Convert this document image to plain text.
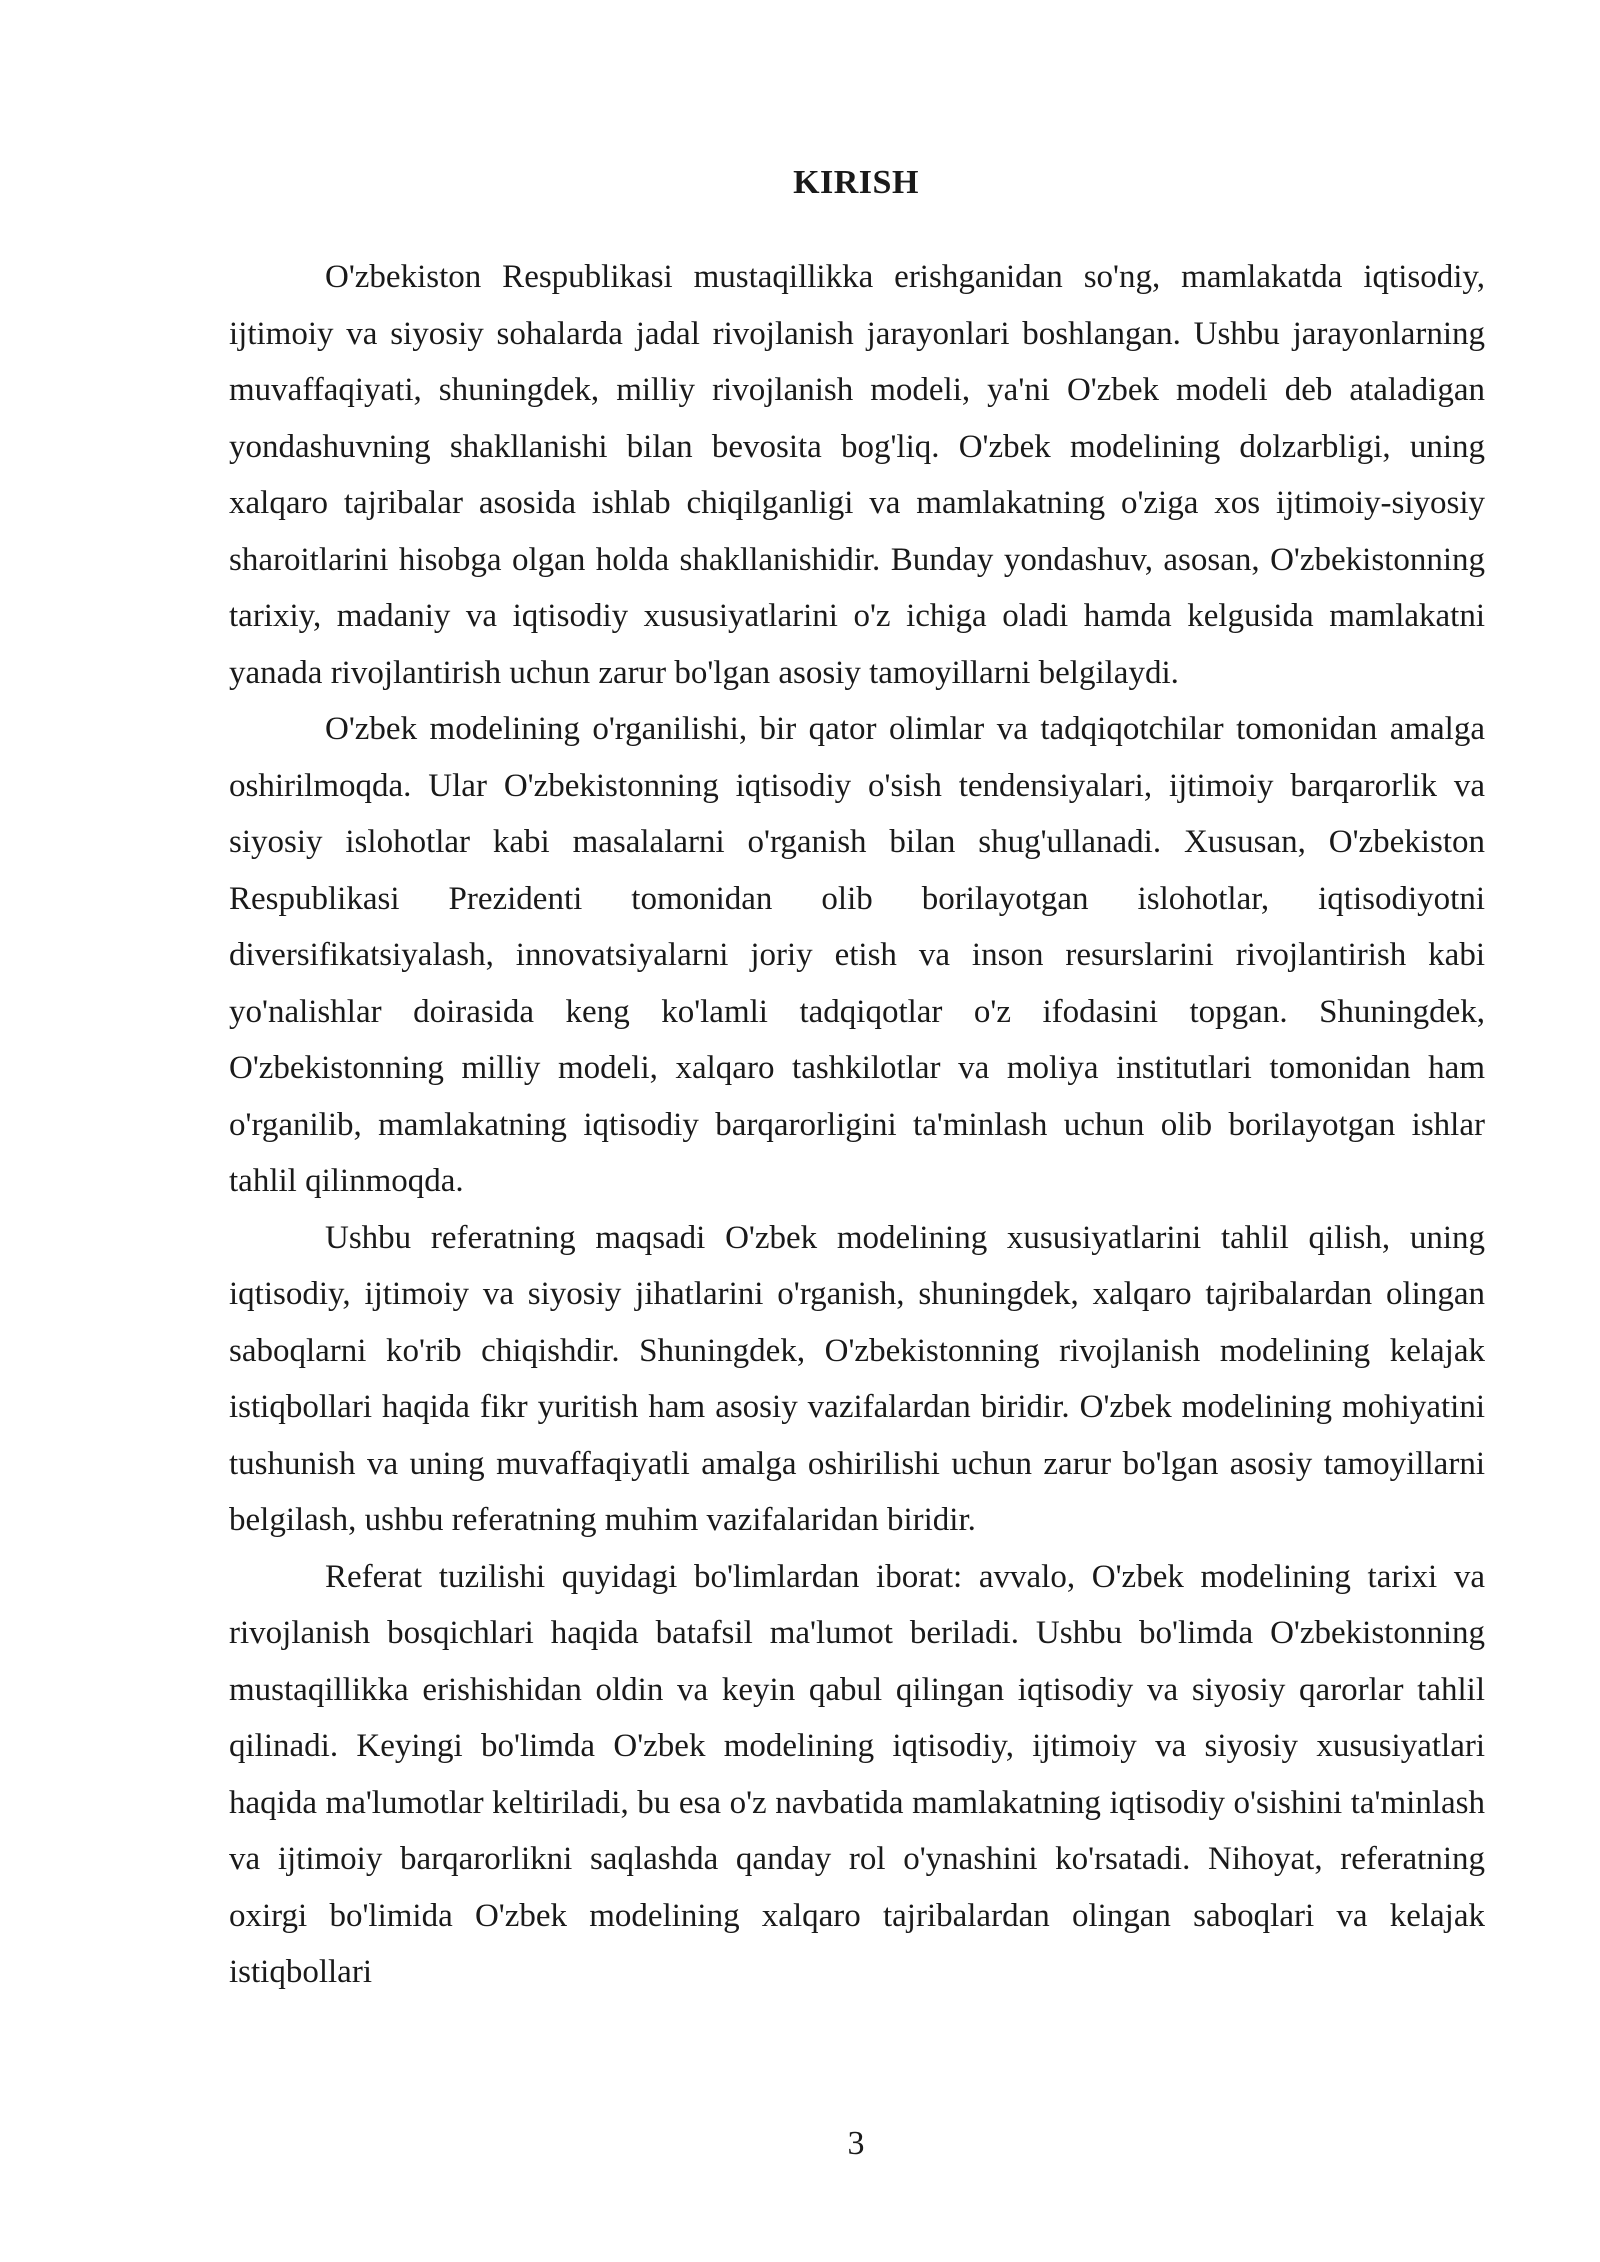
KIRISH

O'zbekiston Respublikasi mustaqillikka erishganidan so'ng, mamlakatda iqtisodiy, ijtimoiy va siyosiy sohalarda jadal rivojlanish jarayonlari boshlangan. Ushbu jarayonlarning muvaffaqiyati, shuningdek, milliy rivojlanish modeli, ya'ni O'zbek modeli deb ataladigan yondashuvning shakllanishi bilan bevosita bog'liq. O'zbek modelining dolzarbligi, uning xalqaro tajribalar asosida ishlab chiqilganligi va mamlakatning o'ziga xos ijtimoiy-siyosiy sharoitlarini hisobga olgan holda shakllanishidir. Bunday yondashuv, asosan, O'zbekistonning tarixiy, madaniy va iqtisodiy xususiyatlarini o'z ichiga oladi hamda kelgusida mamlakatni yanada rivojlantirish uchun zarur bo'lgan asosiy tamoyillarni belgilaydi.

O'zbek modelining o'rganilishi, bir qator olimlar va tadqiqotchilar tomonidan amalga oshirilmoqda. Ular O'zbekistonning iqtisodiy o'sish tendensiyalari, ijtimoiy barqarorlik va siyosiy islohotlar kabi masalalarni o'rganish bilan shug'ullanadi. Xususan, O'zbekiston Respublikasi Prezidenti tomonidan olib borilayotgan islohotlar, iqtisodiyotni diversifikatsiyalash, innovatsiyalarni joriy etish va inson resurslarini rivojlantirish kabi yo'nalishlar doirasida keng ko'lamli tadqiqotlar o'z ifodasini topgan. Shuningdek, O'zbekistonning milliy modeli, xalqaro tashkilotlar va moliya institutlari tomonidan ham o'rganilib, mamlakatning iqtisodiy barqarorligini ta'minlash uchun olib borilayotgan ishlar tahlil qilinmoqda.

Ushbu referatning maqsadi O'zbek modelining xususiyatlarini tahlil qilish, uning iqtisodiy, ijtimoiy va siyosiy jihatlarini o'rganish, shuningdek, xalqaro tajribalardan olingan saboqlarni ko'rib chiqishdir. Shuningdek, O'zbekistonning rivojlanish modelining kelajak istiqbollari haqida fikr yuritish ham asosiy vazifalardan biridir. O'zbek modelining mohiyatini tushunish va uning muvaffaqiyatli amalga oshirilishi uchun zarur bo'lgan asosiy tamoyillarni belgilash, ushbu referatning muhim vazifalaridan biridir.

Referat tuzilishi quyidagi bo'limlardan iborat: avvalo, O'zbek modelining tarixi va rivojlanish bosqichlari haqida batafsil ma'lumot beriladi. Ushbu bo'limda O'zbekistonning mustaqillikka erishishidan oldin va keyin qabul qilingan iqtisodiy va siyosiy qarorlar tahlil qilinadi. Keyingi bo'limda O'zbek modelining iqtisodiy, ijtimoiy va siyosiy xususiyatlari haqida ma'lumotlar keltiriladi, bu esa o'z navbatida mamlakatning iqtisodiy o'sishini ta'minlash va ijtimoiy barqarorlikni saqlashda qanday rol o'ynashini ko'rsatadi. Nihoyat, referatning oxirgi bo'limida O'zbek modelining xalqaro tajribalardan olingan saboqlari va kelajak istiqbollari

3
